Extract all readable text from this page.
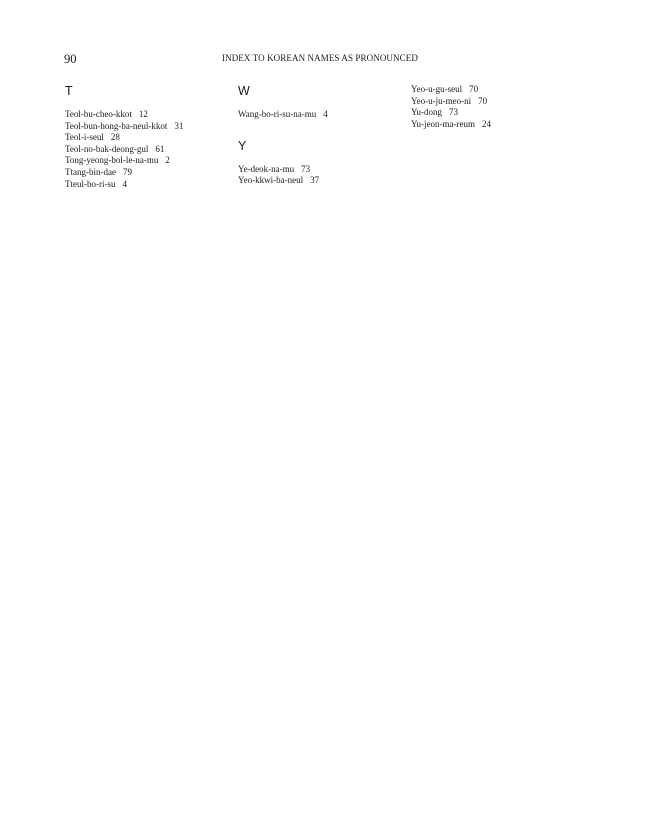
90	INDEX TO KOREAN NAMES AS PRONOUNCED
T
Teol-bu-cheo-kkot 12
Teol-bun-hong-ba-neul-kkot 31
Teol-i-seul 28
Teol-no-bak-deong-gul 61
Tong-yeong-bol-le-na-mu 2
Ttang-bin-dae 79
Tteul-bo-ri-su 4
W
Wang-bo-ri-su-na-mu 4
Y
Ye-deok-na-mu 73
Yeo-kkwi-ba-neul 37
Yeo-u-gu-seul 70
Yeo-u-ju-meo-ni 70
Yu-dong 73
Yu-jeon-ma-reum 24
